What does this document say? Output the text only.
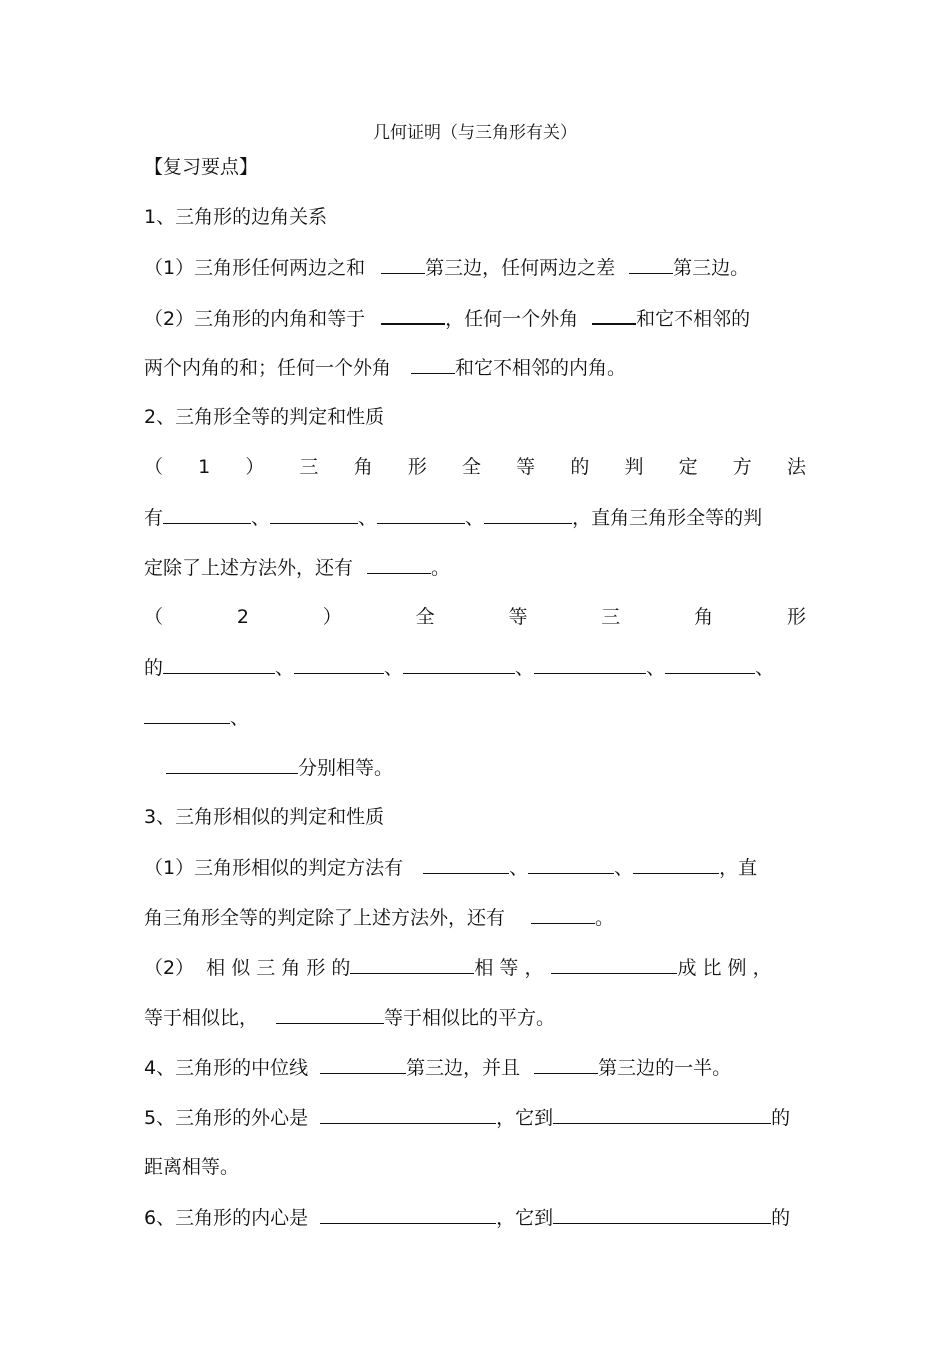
几何证明（与三角形有关）
【复习要点】
1、三角形的边角关系
（1）三角形任何两边之和	第三边，任何两边之差	第三边。
（2）三角形的内角和等于	，任何一个外角	和它不相邻的
两个内角的和；任何一个外角	和它不相邻的内角。
2、三角形全等的判定和性质
（ 1 ） 三 角 形 全 等 的 判 定 方 法
有	、	、	、	，直角三角形全等的判
定除了上述方法外，还有	。
（	2	）	全	等	三	角	形
的	、	、	、	、	、
、
分别相等。
3、三角形相似的判定和性质
（1）三角形相似的判定方法有	、	、	，直
角三角形全等的判定除了上述方法外，还有	。
（2）  相 似 三 角 形 的	相 等 ，	成 比 例 ，
等于相似比，	等于相似比的平方。
4、三角形的中位线	第三边，并且	第三边的一半。
5、三角形的外心是	，它到	的
距离相等。
6、三角形的内心是	，它到	的
